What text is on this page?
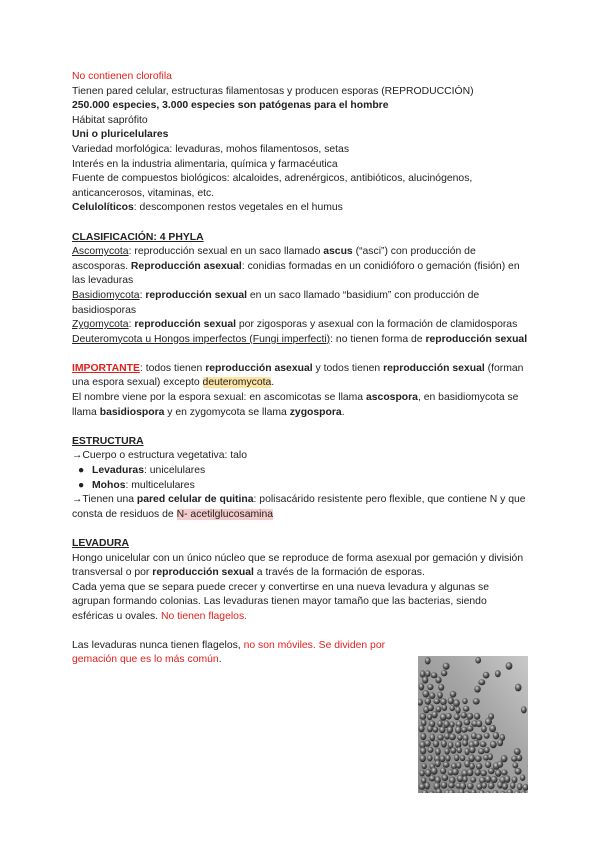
No contienen clorofila

Tienen pared celular, estructuras filamentosas y producen esporas (REPRODUCCIÓN)

250.000 especies, 3.000 especies son patógenas para el hombre

Hábitat saprófito

Uni o pluricelulares

Variedad morfológica: levaduras, mohos filamentosos, setas

Interés en la industria alimentaria, química y farmacéutica

Fuente de compuestos biológicos: alcaloides, adrenérgicos, antibióticos, alucinógenos, anticancerosos, vitaminas, etc.

Celulolíticos: descomponen restos vegetales en el humus

CLASIFICACIÓN: 4 PHYLA

Ascomycota: reproducción sexual en un saco llamado ascus (“asci”) con producción de ascosporas. Reproducción asexual: conidias formadas en un conidióforo o gemación (fisión) en las levaduras

Basidiomycota: reproducción sexual en un saco llamado “basidium” con producción de basidiosporas

Zygomycota: reproducción sexual por zigosporas y asexual con la formación de clamidosporas

Deuteromycota u Hongos imperfectos (Fungi imperfecti): no tienen forma de reproducción sexual

IMPORTANTE: todos tienen reproducción asexual y todos tienen reproducción sexual (forman una espora sexual) excepto deuteromycota.

El nombre viene por la espora sexual: en ascomicotas se llama ascospora, en basidiomycota se llama basidiospora y en zygomycota se llama zygospora.

ESTRUCTURA

→Cuerpo o estructura vegetativa: talo

● Levaduras: unicelulares
● Mohos: multicelulares

→Tienen una pared celular de quitina: polisacárido resistente pero flexible, que contiene N y que consta de residuos de N- acetilglucosamina

LEVADURA

Hongo unicelular con un único núcleo que se reproduce de forma asexual por gemación y división transversal o por reproducción sexual a través de la formación de esporas.

Cada yema que se separa puede crecer y convertirse en una nueva levadura y algunas se agrupan formando colonias. Las levaduras tienen mayor tamaño que las bacterias, siendo esféricas u ovales. No tienen flagelos.

Las levaduras nunca tienen flagelos, no son móviles. Se dividen por gemación que es lo más común.
